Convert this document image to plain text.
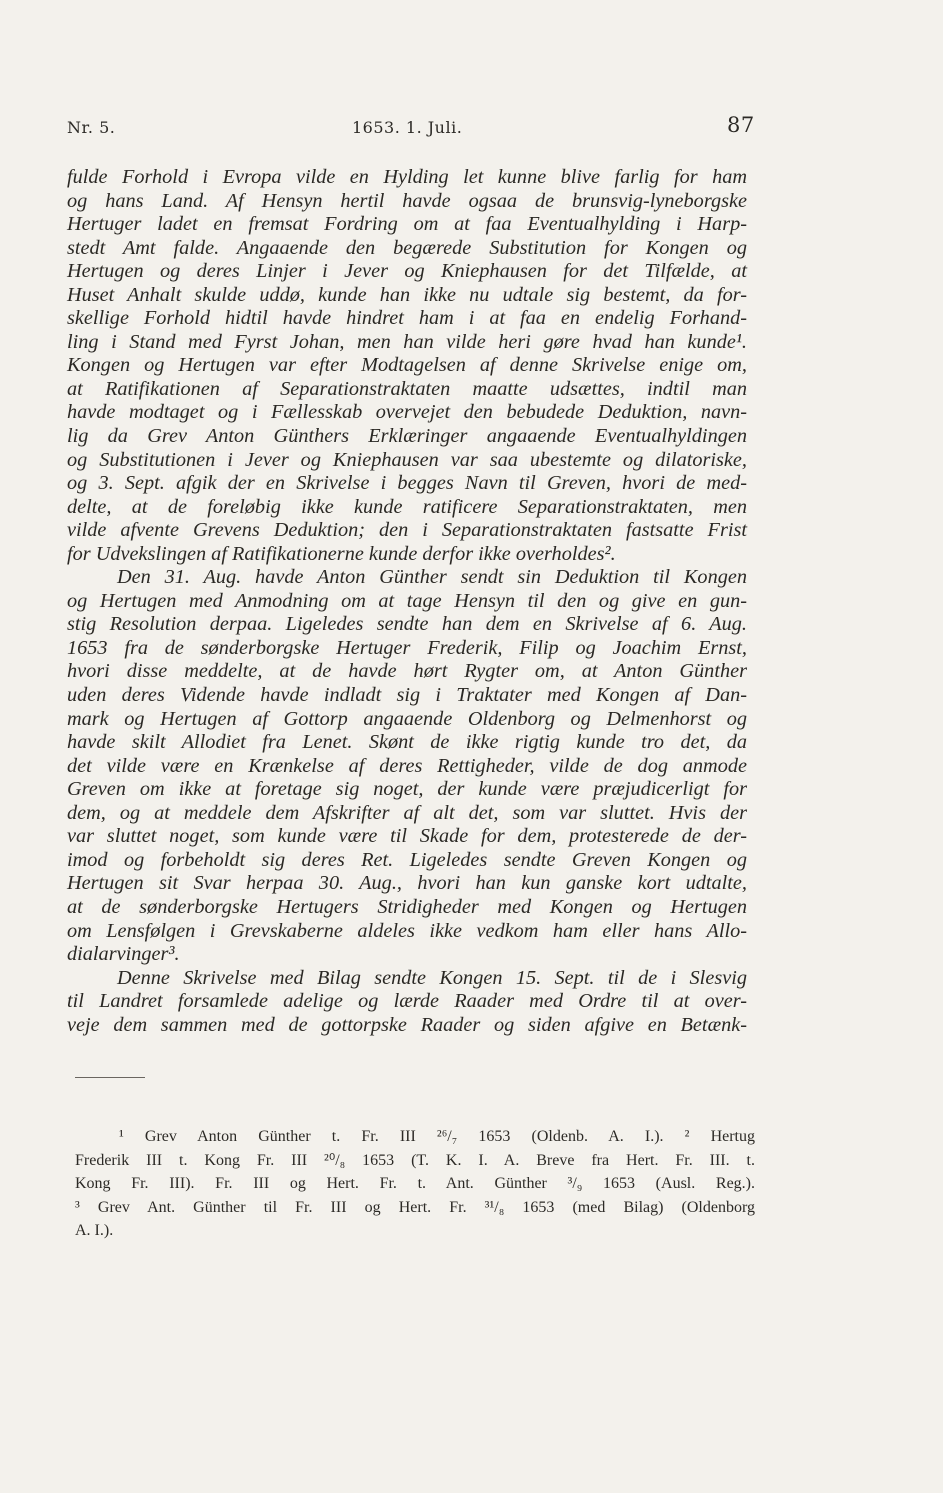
Nr. 5.	1653. 1. Juli.	87
fulde Forhold i Evropa vilde en Hylding let kunne blive farlig for ham
og hans Land. Af Hensyn hertil havde ogsaa de brunsvig-lyneborgske
Hertuger ladet en fremsat Fordring om at faa Eventualhylding i Harp-
stedt Amt falde. Angaaende den begærede Substitution for Kongen og
Hertugen og deres Linjer i Jever og Kniephausen for det Tilfælde, at
Huset Anhalt skulde uddø, kunde han ikke nu udtale sig bestemt, da for-
skellige Forhold hidtil havde hindret ham i at faa en endelig Forhand-
ling i Stand med Fyrst Johan, men han vilde heri gøre hvad han kunde¹.
Kongen og Hertugen var efter Modtagelsen af denne Skrivelse enige om,
at Ratifikationen af Separationstraktaten maatte udsættes, indtil man
havde modtaget og i Fællesskab overvejet den bebudede Deduktion, navn-
lig da Grev Anton Günthers Erklæringer angaaende Eventualhyldingen
og Substitutionen i Jever og Kniephausen var saa ubestemte og dilatoriske,
og 3. Sept. afgik der en Skrivelse i begges Navn til Greven, hvori de med-
delte, at de foreløbig ikke kunde ratificere Separationstraktaten, men
vilde afvente Grevens Deduktion; den i Separationstraktaten fastsatte Frist
for Udvekslingen af Ratifikationerne kunde derfor ikke overholdes².
Den 31. Aug. havde Anton Günther sendt sin Deduktion til Kongen
og Hertugen med Anmodning om at tage Hensyn til den og give en gun-
stig Resolution derpaa. Ligeledes sendte han dem en Skrivelse af 6. Aug.
1653 fra de sønderborgske Hertuger Frederik, Filip og Joachim Ernst,
hvori disse meddelte, at de havde hørt Rygter om, at Anton Günther
uden deres Vidende havde indladt sig i Traktater med Kongen af Dan-
mark og Hertugen af Gottorp angaaende Oldenborg og Delmenhorst og
havde skilt Allodiet fra Lenet. Skønt de ikke rigtig kunde tro det, da
det vilde være en Krænkelse af deres Rettigheder, vilde de dog anmode
Greven om ikke at foretage sig noget, der kunde være præjudicerligt for
dem, og at meddele dem Afskrifter af alt det, som var sluttet. Hvis der
var sluttet noget, som kunde være til Skade for dem, protesterede de der-
imod og forbeholdt sig deres Ret. Ligeledes sendte Greven Kongen og
Hertugen sit Svar herpaa 30. Aug., hvori han kun ganske kort udtalte,
at de sønderborgske Hertugers Stridigheder med Kongen og Hertugen
om Lensfølgen i Grevskaberne aldeles ikke vedkom ham eller hans Allo-
dialarvinger³.
Denne Skrivelse med Bilag sendte Kongen 15. Sept. til de i Slesvig
til Landret forsamlede adelige og lærde Raader med Ordre til at over-
veje dem sammen med de gottorpske Raader og siden afgive en Betænk-
¹ Grev Anton Günther t. Fr. III ²⁶/₇ 1653 (Oldenb. A. I.). ² Hertug
Frederik III t. Kong Fr. III ²⁰/₈ 1653 (T. K. I. A. Breve fra Hert. Fr. III. t.
Kong Fr. III). Fr. III og Hert. Fr. t. Ant. Günther ³/₉ 1653 (Ausl. Reg.).
³ Grev Ant. Günther til Fr. III og Hert. Fr. ³¹/₈ 1653 (med Bilag) (Oldenborg
A. I.).
